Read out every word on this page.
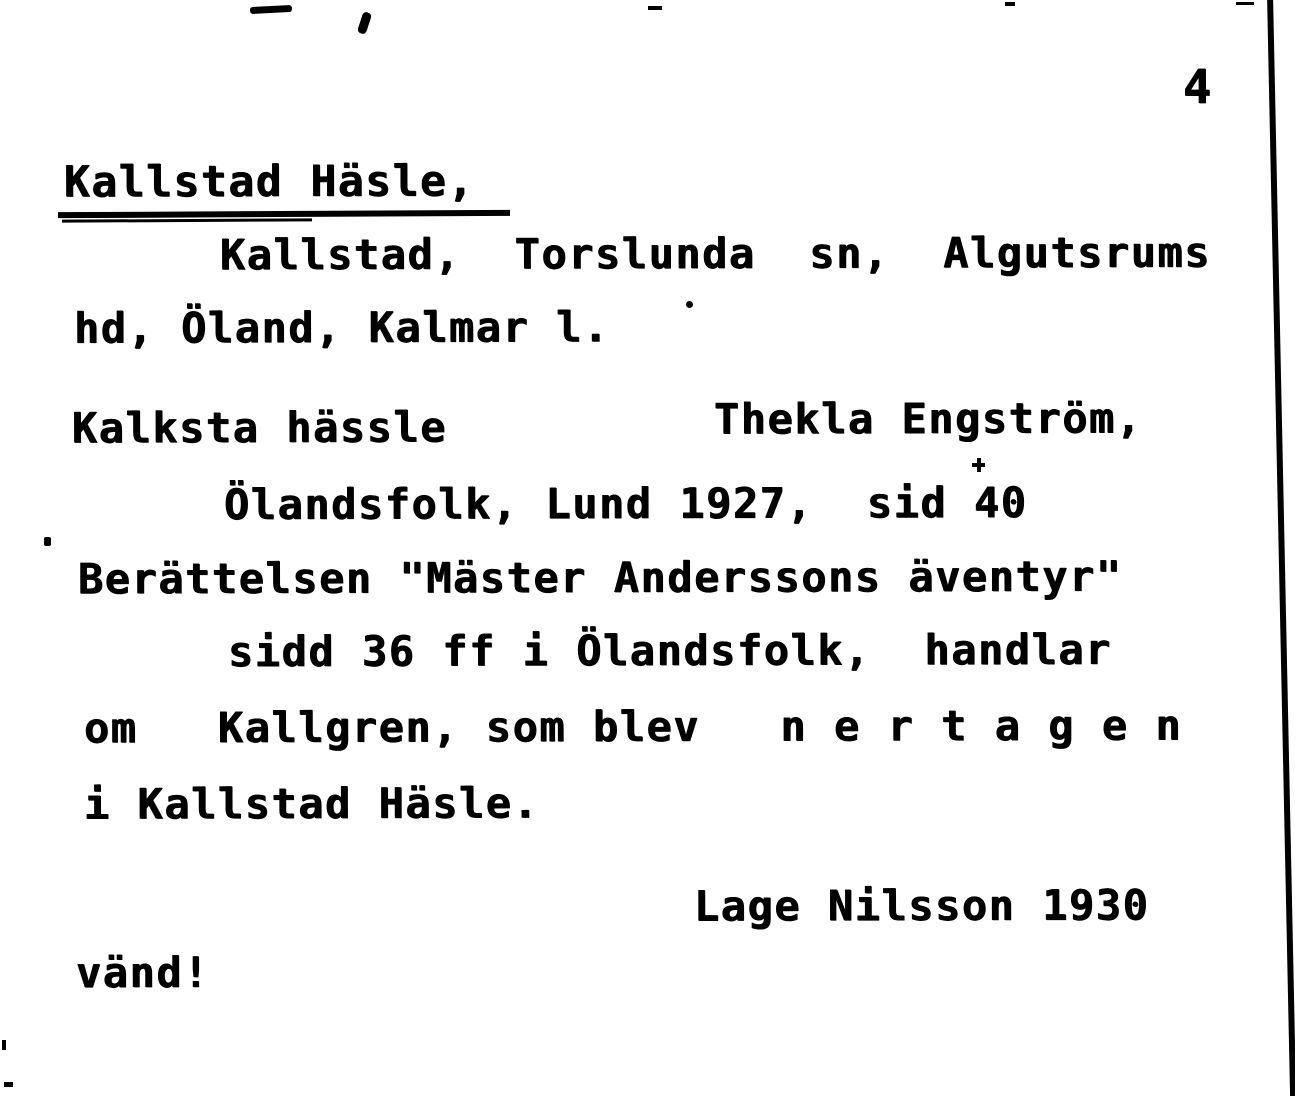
4
Kallstad Häsle,
Kallstad,  Torslunda  sn,  Algutsrums
hd, Öland, Kalmar l.
Kalksta hässle	Thekla Engström,
Ölandsfolk, Lund 1927,  sid 40
Berättelsen "Mäster Anderssons äventyr"
sidd 36 ff i Ölandsfolk,  handlar
om   Kallgren, som blev   n e r t a g e n
i Kallstad Häsle.
Lage Nilsson 1930
vänd!
